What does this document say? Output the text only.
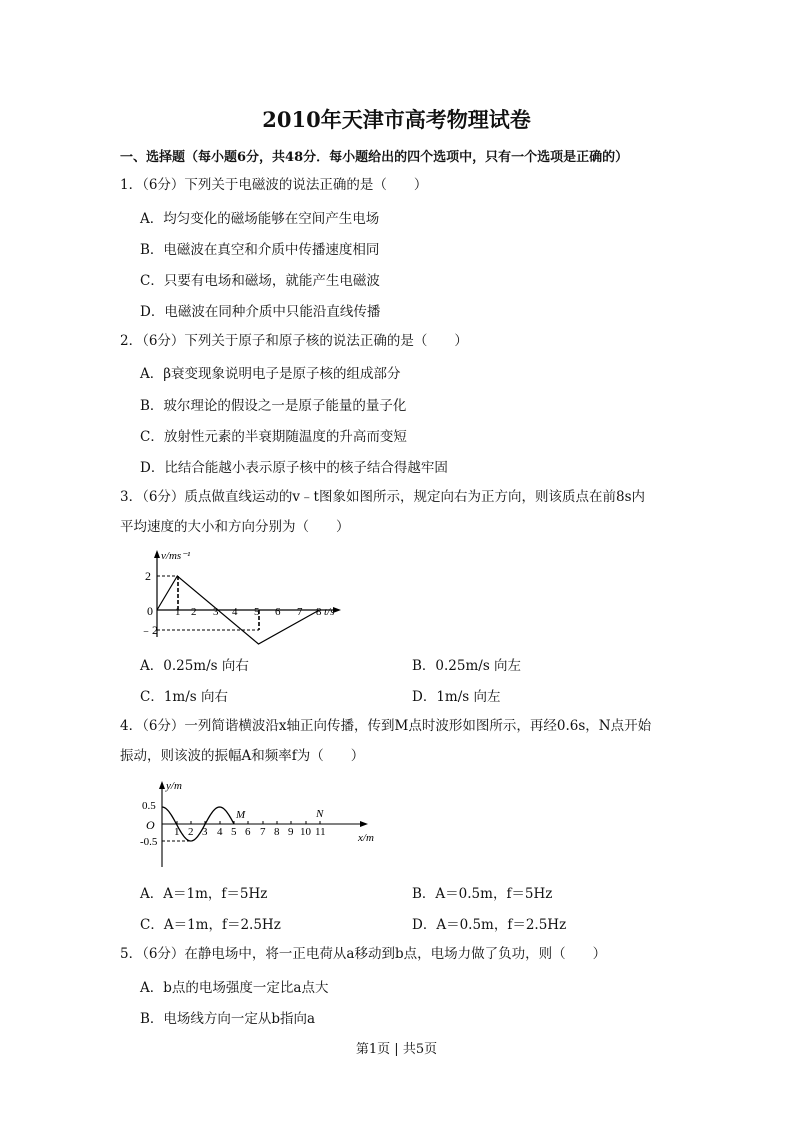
2010年天津市高考物理试卷
一、选择题（每小题6分，共48分．每小题给出的四个选项中，只有一个选项是正确的）
1．（6分）下列关于电磁波的说法正确的是（　　）
A．均匀变化的磁场能够在空间产生电场
B．电磁波在真空和介质中传播速度相同
C．只要有电场和磁场，就能产生电磁波
D．电磁波在同种介质中只能沿直线传播
2．（6分）下列关于原子和原子核的说法正确的是（　　）
A．β衰变现象说明电子是原子核的组成部分
B．玻尔理论的假设之一是原子能量的量子化
C．放射性元素的半衰期随温度的升高而变短
D．比结合能越小表示原子核中的核子结合得越牢固
3．（6分）质点做直线运动的v﹣t图象如图所示，规定向右为正方向，则该质点在前8s内
平均速度的大小和方向分别为（　　）
v/ms⁻¹
2
0
﹣2
1 2 3 4 5 6 7 8 t/s
A．0.25m/s 向右	B．0.25m/s 向左
C．1m/s 向右	D．1m/s 向左
4．（6分）一列简谐横波沿x轴正向传播，传到M点时波形如图所示，再经0.6s，N点开始
振动，则该波的振幅A和频率f为（　　）
y/m
0.5
O
-0.5
1 2 3 4 5 6 7 8 9 10 11
M	N
x/m
A．A＝1m，f＝5Hz	B．A＝0.5m，f＝5Hz
C．A＝1m，f＝2.5Hz	D．A＝0.5m，f＝2.5Hz
5．（6分）在静电场中，将一正电荷从a移动到b点，电场力做了负功，则（　　）
A．b点的电场强度一定比a点大
B．电场线方向一定从b指向a
第1页 | 共5页
